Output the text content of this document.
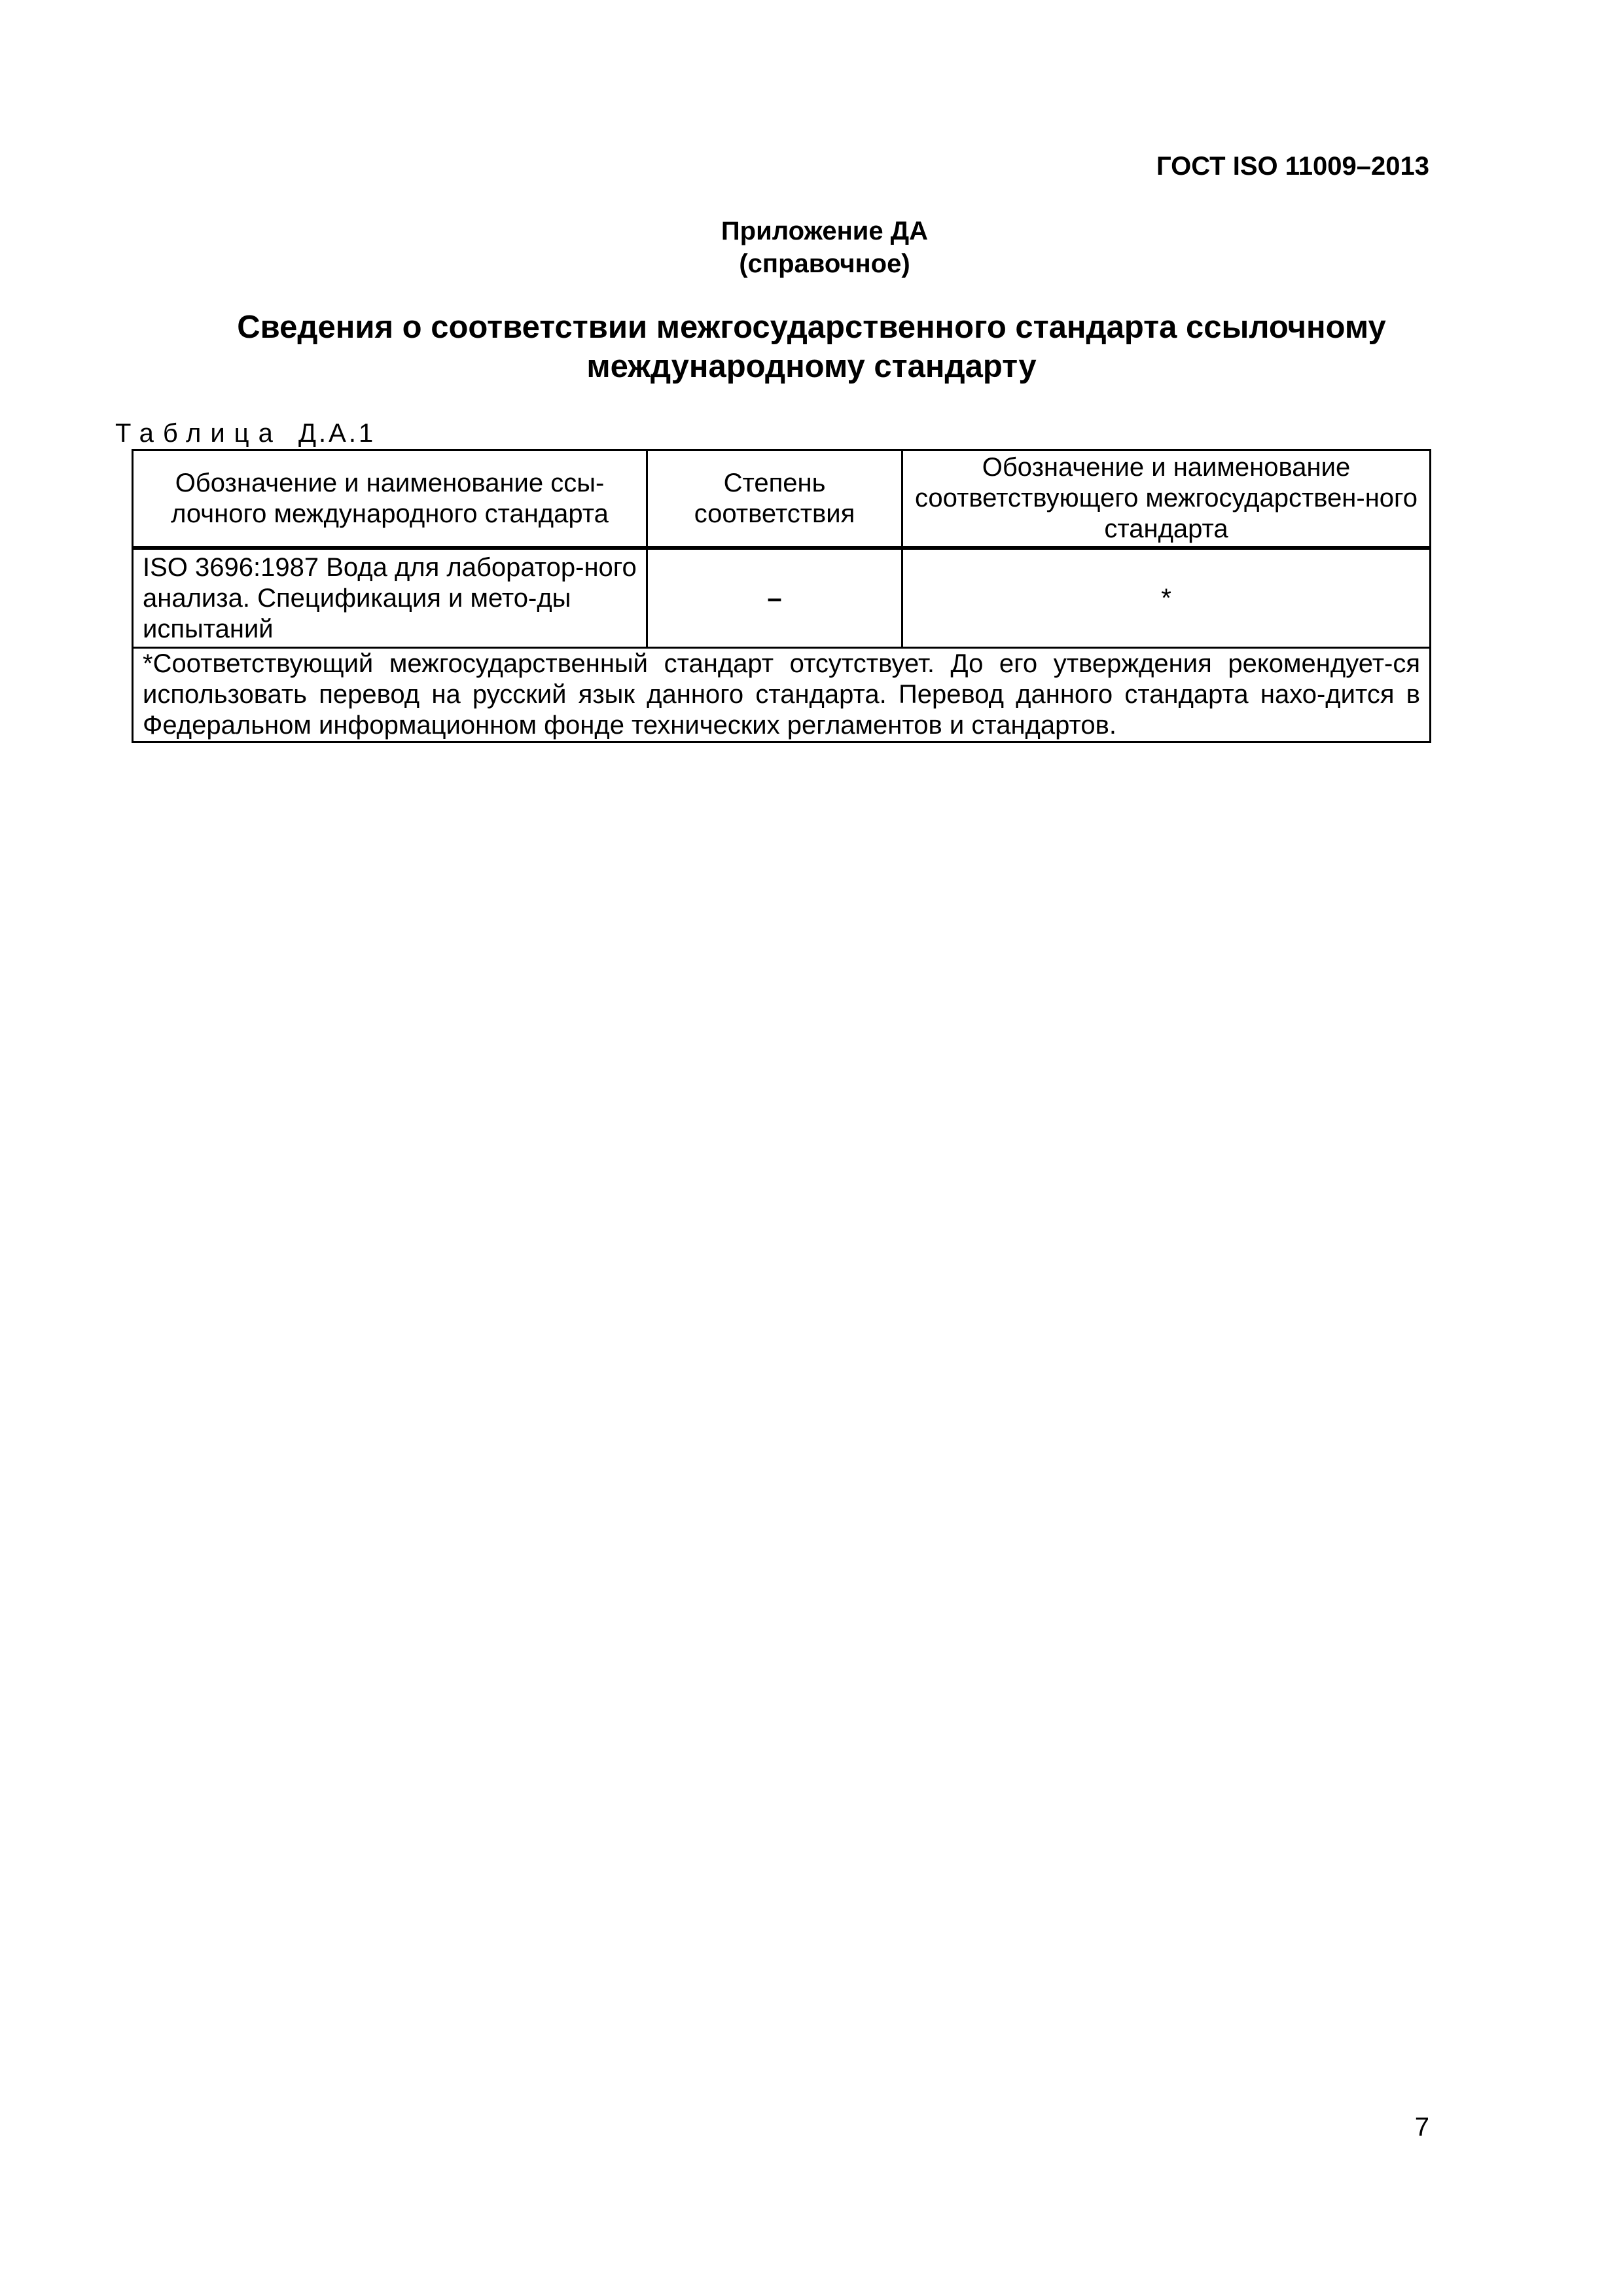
ГОСТ ISO 11009–2013
Приложение ДА
(справочное)
Сведения о соответствии межгосударственного стандарта ссылочному
международному стандарту
Таблица Д.А.1
Обозначение и наименование ссы-лочного международного стандарта	Степень соответствия	Обозначение и наименование соответствующего межгосударствен-ного стандарта
ISO 3696:1987 Вода для лаборатор-ного анализа. Спецификация и мето-ды испытаний	–	*
*Соответствующий межгосударственный стандарт отсутствует. До его утверждения рекомендует-ся использовать перевод на русский язык данного стандарта. Перевод данного стандарта нахо-дится в Федеральном информационном фонде технических регламентов и стандартов.		
7
